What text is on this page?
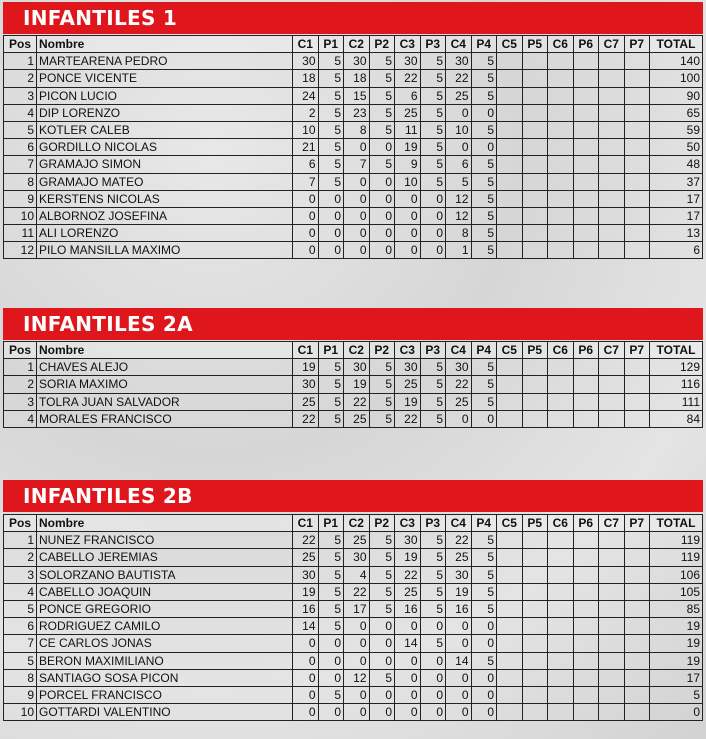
INFANTILES 1
Pos	Nombre	C1	P1	C2	P2	C3	P3	C4	P4	C5	P5	C6	P6	C7	P7	TOTAL
1	MARTEARENA PEDRO	30	5	30	5	30	5	30	5							140
2	PONCE VICENTE	18	5	18	5	22	5	22	5							100
3	PICON LUCIO	24	5	15	5	6	5	25	5							90
4	DIP LORENZO	2	5	23	5	25	5	0	0							65
5	KOTLER CALEB	10	5	8	5	11	5	10	5							59
6	GORDILLO NICOLAS	21	5	0	0	19	5	0	0							50
7	GRAMAJO SIMON	6	5	7	5	9	5	6	5							48
8	GRAMAJO MATEO	7	5	0	0	10	5	5	5							37
9	KERSTENS NICOLAS	0	0	0	0	0	0	12	5							17
10	ALBORNOZ JOSEFINA	0	0	0	0	0	0	12	5							17
11	ALI LORENZO	0	0	0	0	0	0	8	5							13
12	PILO MANSILLA MAXIMO	0	0	0	0	0	0	1	5							6
INFANTILES 2A
Pos	Nombre	C1	P1	C2	P2	C3	P3	C4	P4	C5	P5	C6	P6	C7	P7	TOTAL
1	CHAVES ALEJO	19	5	30	5	30	5	30	5							129
2	SORIA MAXIMO	30	5	19	5	25	5	22	5							116
3	TOLRA JUAN SALVADOR	25	5	22	5	19	5	25	5							111
4	MORALES FRANCISCO	22	5	25	5	22	5	0	0							84
INFANTILES 2B
Pos	Nombre	C1	P1	C2	P2	C3	P3	C4	P4	C5	P5	C6	P6	C7	P7	TOTAL
1	NUNEZ FRANCISCO	22	5	25	5	30	5	22	5							119
2	CABELLO JEREMIAS	25	5	30	5	19	5	25	5							119
3	SOLORZANO BAUTISTA	30	5	4	5	22	5	30	5							106
4	CABELLO JOAQUIN	19	5	22	5	25	5	19	5							105
5	PONCE GREGORIO	16	5	17	5	16	5	16	5							85
6	RODRIGUEZ CAMILO	14	5	0	0	0	0	0	0							19
7	CE CARLOS JONAS	0	0	0	0	14	5	0	0							19
5	BERON MAXIMILIANO	0	0	0	0	0	0	14	5							19
8	SANTIAGO SOSA PICON	0	0	12	5	0	0	0	0							17
9	PORCEL FRANCISCO	0	5	0	0	0	0	0	0							5
10	GOTTARDI VALENTINO	0	0	0	0	0	0	0	0							0
